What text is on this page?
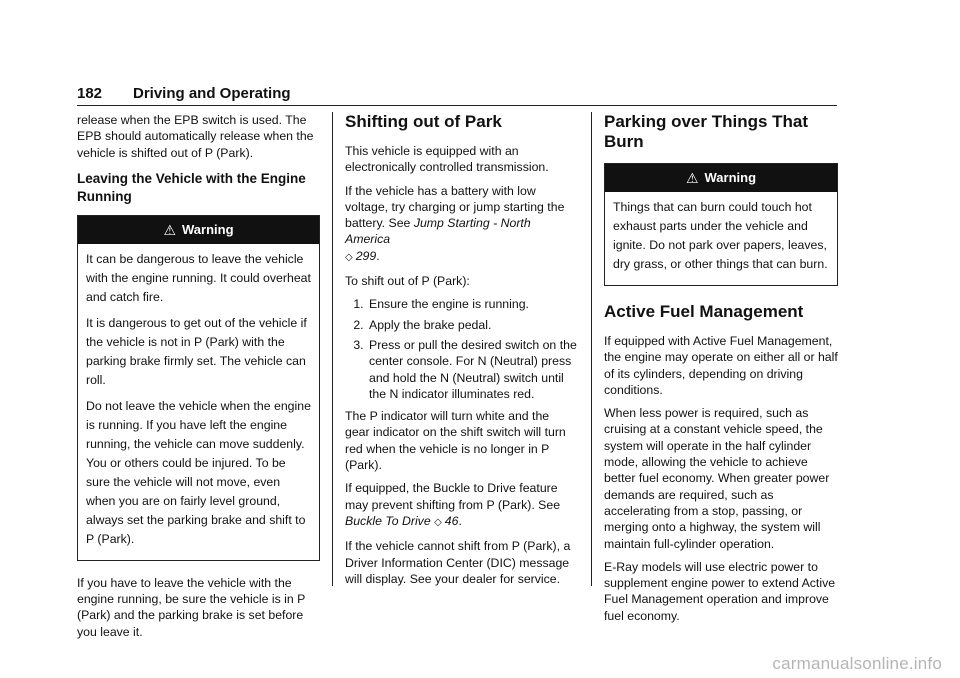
182 Driving and Operating

release when the EPB switch is used. The EPB should automatically release when the vehicle is shifted out of P (Park).

Leaving the Vehicle with the Engine Running
⚠ Warning

It can be dangerous to leave the vehicle with the engine running. It could overheat and catch fire.

It is dangerous to get out of the vehicle if the vehicle is not in P (Park) with the parking brake firmly set. The vehicle can roll.

Do not leave the vehicle when the engine is running. If you have left the engine running, the vehicle can move suddenly. You or others could be injured. To be sure the vehicle will not move, even when you are on fairly level ground, always set the parking brake and shift to P (Park).

If you have to leave the vehicle with the engine running, be sure the vehicle is in P (Park) and the parking brake is set before you leave it.

Shifting out of Park

This vehicle is equipped with an electronically controlled transmission.

If the vehicle has a battery with low voltage, try charging or jump starting the battery. See Jump Starting - North America
◇ 299.

To shift out of P (Park):

1. Ensure the engine is running.
2. Apply the brake pedal.
3. Press or pull the desired switch on the center console. For N (Neutral) press and hold the N (Neutral) switch until the N indicator illuminates red.

The P indicator will turn white and the gear indicator on the shift switch will turn red when the vehicle is no longer in P (Park).

If equipped, the Buckle to Drive feature may prevent shifting from P (Park). See Buckle To Drive ◇ 46.

If the vehicle cannot shift from P (Park), a Driver Information Center (DIC) message will display. See your dealer for service.

Parking over Things That Burn
⚠ Warning

Things that can burn could touch hot exhaust parts under the vehicle and ignite. Do not park over papers, leaves, dry grass, or other things that can burn.

Active Fuel Management

If equipped with Active Fuel Management, the engine may operate on either all or half of its cylinders, depending on driving conditions.

When less power is required, such as cruising at a constant vehicle speed, the system will operate in the half cylinder mode, allowing the vehicle to achieve better fuel economy. When greater power demands are required, such as accelerating from a stop, passing, or merging onto a highway, the system will maintain full-cylinder operation.

E-Ray models will use electric power to supplement engine power to extend Active Fuel Management operation and improve fuel economy.

carmanualsonline.info
